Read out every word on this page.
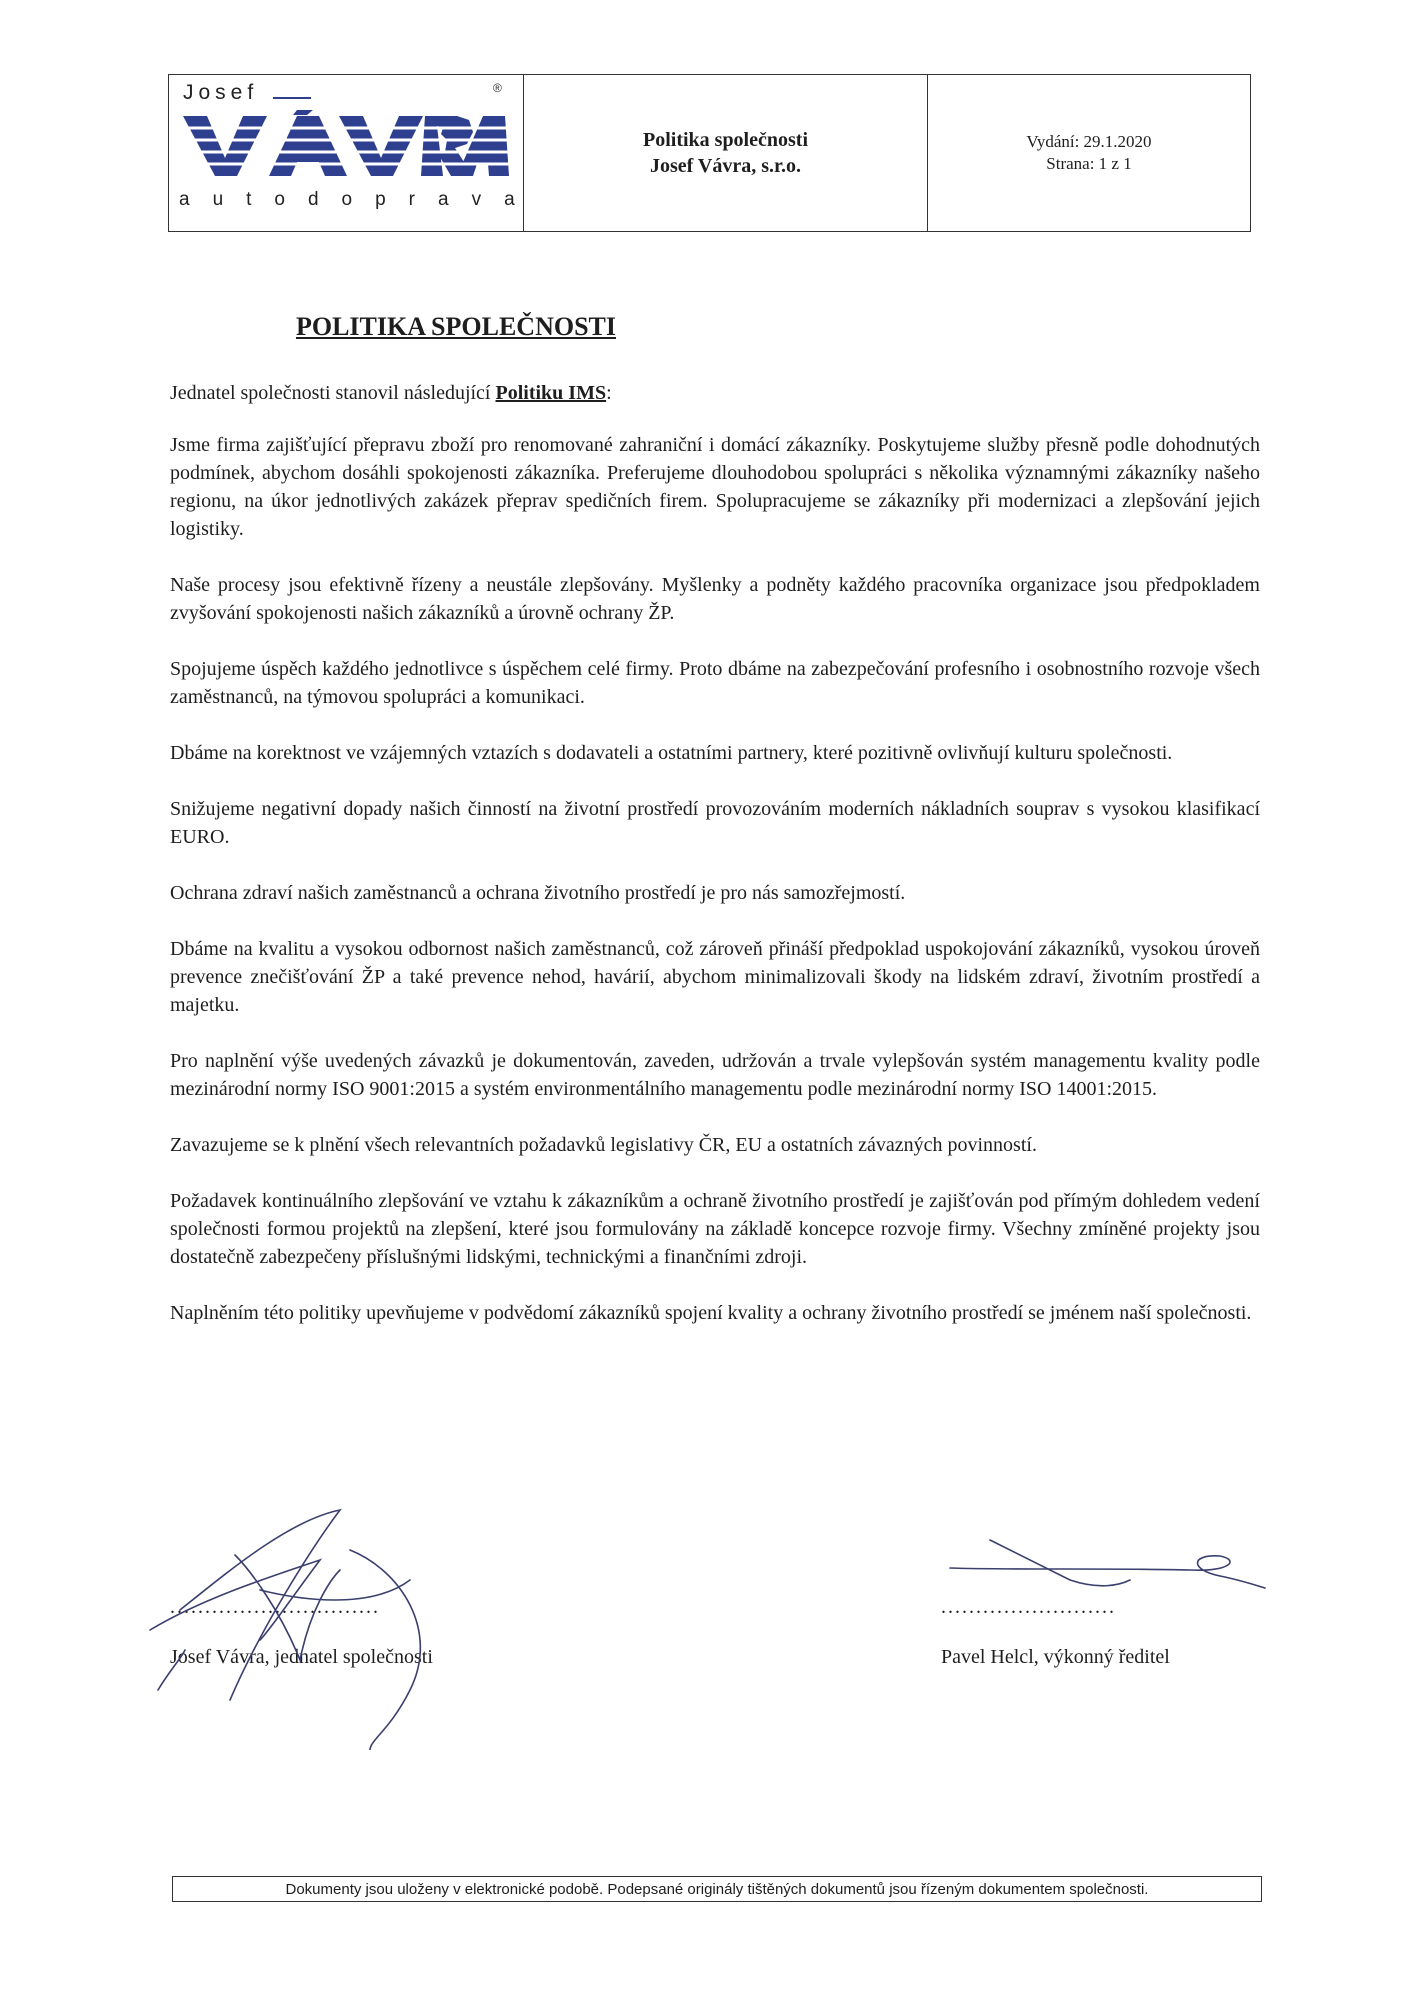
Josef	®
autodoprava
Politika společnosti
Josef Vávra, s.r.o.
Vydání: 29.1.2020
Strana: 1 z 1
POLITIKA SPOLEČNOSTI

Jednatel společnosti stanovil následující Politiku IMS:

Jsme firma zajišťující přepravu zboží pro renomované zahraniční i domácí zákazníky. Poskytujeme služby přesně podle dohodnutých podmínek, abychom dosáhli spokojenosti zákazníka. Preferujeme dlouhodobou spolupráci s několika významnými zákazníky našeho regionu, na úkor jednotlivých zakázek přeprav spedičních firem. Spolupracujeme se zákazníky při modernizaci a zlepšování jejich logistiky.

Naše procesy jsou efektivně řízeny a neustále zlepšovány. Myšlenky a podněty každého pracovníka organizace jsou předpokladem zvyšování spokojenosti našich zákazníků a úrovně ochrany ŽP.

Spojujeme úspěch každého jednotlivce s úspěchem celé firmy. Proto dbáme na zabezpečování profesního i osobnostního rozvoje všech zaměstnanců, na týmovou spolupráci a komunikaci.

Dbáme na korektnost ve vzájemných vztazích s dodavateli a ostatními partnery, které pozitivně ovlivňují kulturu společnosti.

Snižujeme negativní dopady našich činností na životní prostředí provozováním moderních nákladních souprav s vysokou klasifikací EURO.

Ochrana zdraví našich zaměstnanců a ochrana životního prostředí je pro nás samozřejmostí.

Dbáme na kvalitu a vysokou odbornost našich zaměstnanců, což zároveň přináší předpoklad uspokojování zákazníků, vysokou úroveň prevence znečišťování ŽP a také prevence nehod, havárií, abychom minimalizovali škody na lidském zdraví, životním prostředí a majetku.

Pro naplnění výše uvedených závazků je dokumentován, zaveden, udržován a trvale vylepšován systém managementu kvality podle mezinárodní normy ISO 9001:2015 a systém environmentálního managementu podle mezinárodní normy ISO 14001:2015.

Zavazujeme se k plnění všech relevantních požadavků legislativy ČR, EU a ostatních závazných povinností.

Požadavek kontinuálního zlepšování ve vztahu k zákazníkům a ochraně životního prostředí je zajišťován pod přímým dohledem vedení společnosti formou projektů na zlepšení, které jsou formulovány na základě koncepce rozvoje firmy. Všechny zmíněné projekty jsou dostatečně zabezpečeny příslušnými lidskými, technickými a finančními zdroji.

Naplněním této politiky upevňujeme v podvědomí zákazníků spojení kvality a ochrany životního prostředí se jménem naší společnosti.

..............................
Josef Vávra, jednatel společnosti
.........................
Pavel Helcl, výkonný ředitel
Dokumenty jsou uloženy v elektronické podobě. Podepsané originály tištěných dokumentů jsou řízeným dokumentem společnosti.
